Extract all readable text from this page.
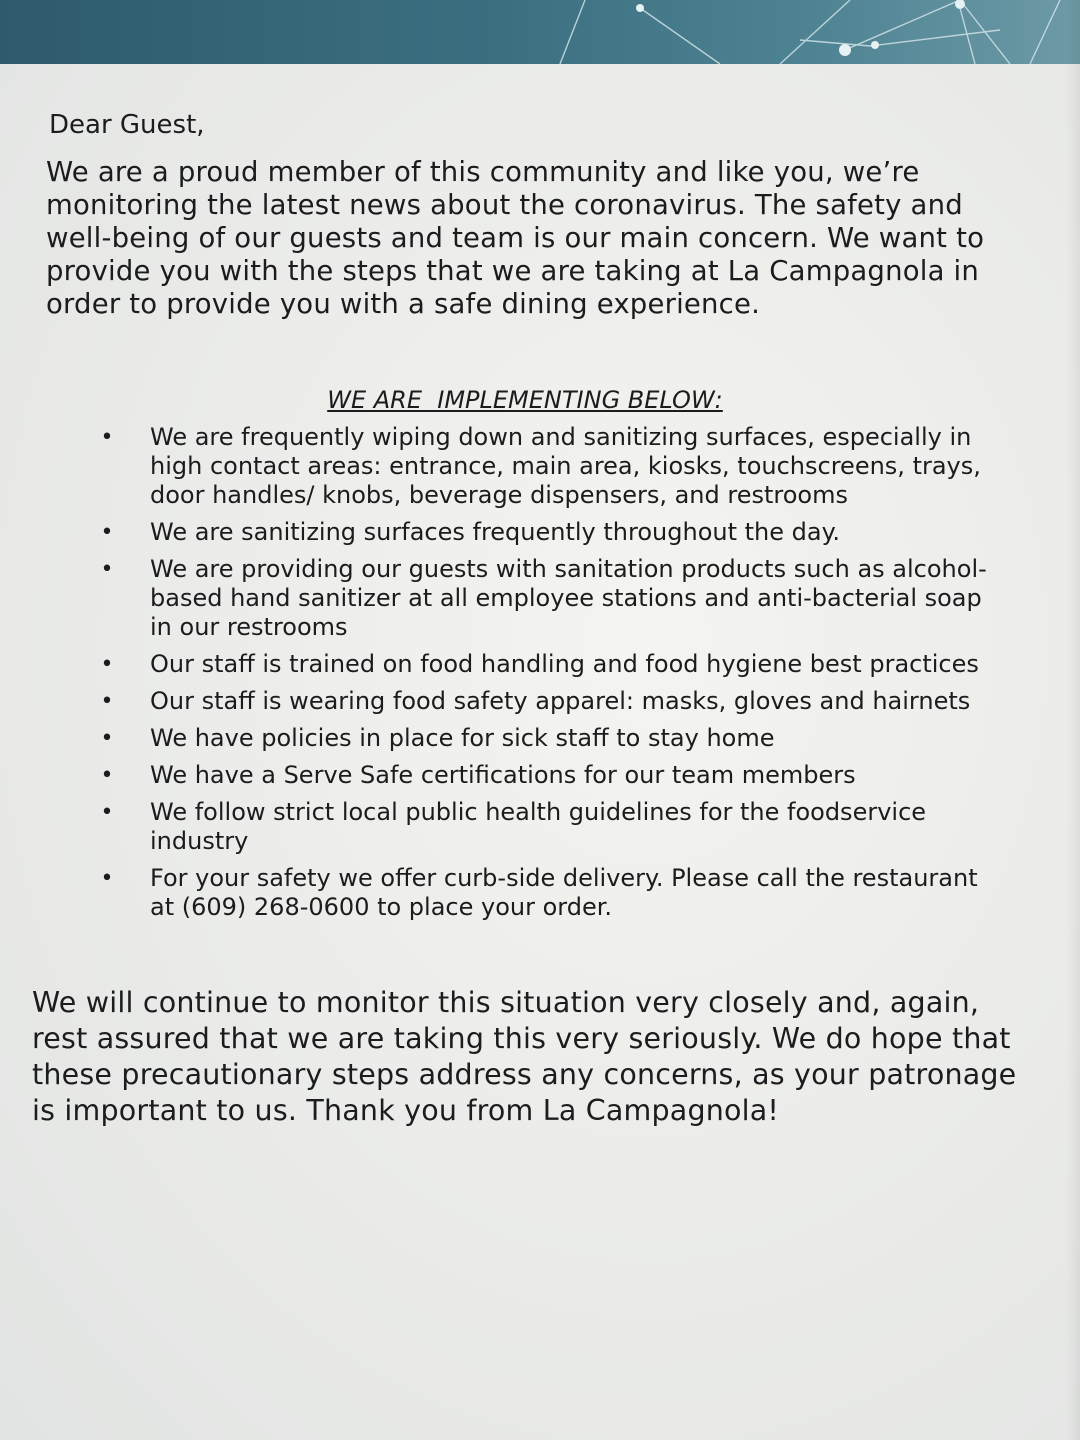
Dear Guest,

We are a proud member of this community and like you, we’re monitoring the latest news about the coronavirus. The safety and well-being of our guests and team is our main concern. We want to provide you with the steps that we are taking at La Campagnola in order to provide you with a safe dining experience.

WE ARE  IMPLEMENTING BELOW:

• We are frequently wiping down and sanitizing surfaces, especially in high contact areas: entrance, main area, kiosks, touchscreens, trays, door handles/ knobs, beverage dispensers, and restrooms
• We are sanitizing surfaces frequently throughout the day.
• We are providing our guests with sanitation products such as alcohol-based hand sanitizer at all employee stations and anti-bacterial soap in our restrooms
• Our staff is trained on food handling and food hygiene best practices
• Our staff is wearing food safety apparel: masks, gloves and hairnets
• We have policies in place for sick staff to stay home
• We have a Serve Safe certifications for our team members
• We follow strict local public health guidelines for the foodservice industry
• For your safety we offer curb-side delivery. Please call the restaurant at (609) 268-0600 to place your order.

We will continue to monitor this situation very closely and, again, rest assured that we are taking this very seriously. We do hope that these precautionary steps address any concerns, as your patronage is important to us. Thank you from La Campagnola!
